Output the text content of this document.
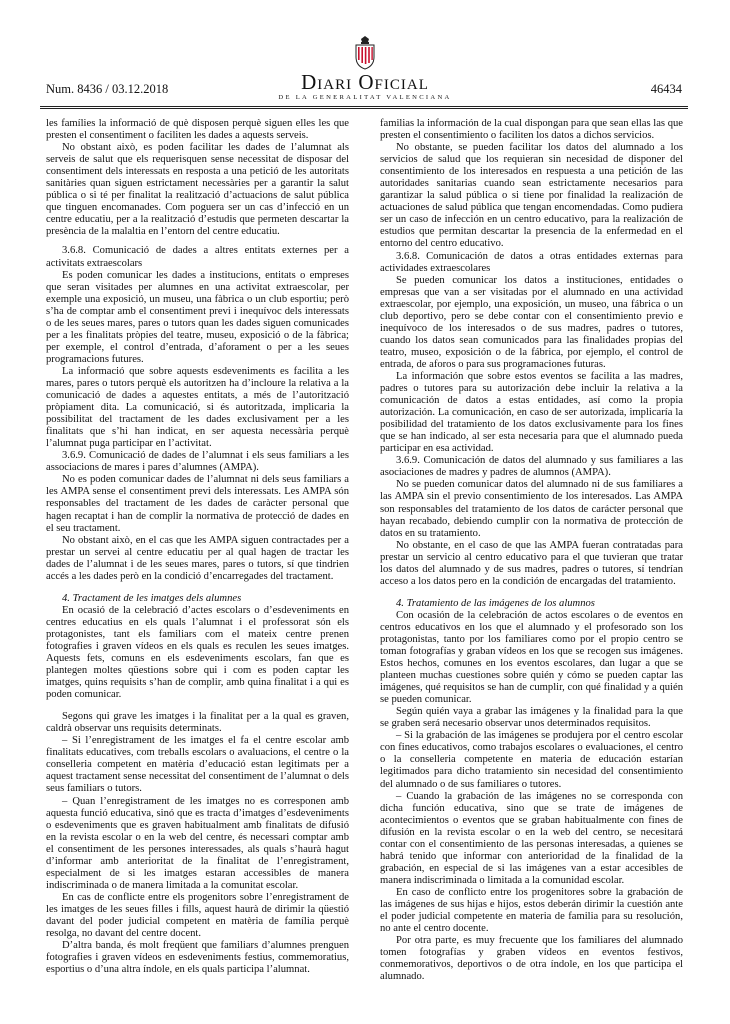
Num. 8436 / 03.12.2018	Diari Oficial
DE LA GENERALITAT VALENCIANA
46434

les famílies la informació de què disposen perquè siguen elles les que presten el consentiment o faciliten les dades a aquests serveis.

No obstant això, es poden facilitar les dades de l’alumnat als serveis de salut que els requerisquen sense necessitat de disposar del consentiment dels interessats en resposta a una petició de les autoritats sanitàries quan siguen estrictament necessàries per a garantir la salut pública o si té per finalitat la realització d’actuacions de salut pública que tinguen encomanades. Com poguera ser un cas d’infecció en un centre educatiu, per a la realització d’estudis que permeten descartar la presència de la malaltia en l’entorn del centre educatiu.

3.6.8. Comunicació de dades a altres entitats externes per a activitats extraescolars

Es poden comunicar les dades a institucions, entitats o empreses que seran visitades per alumnes en una activitat extraescolar, per exemple una exposició, un museu, una fàbrica o un club esportiu; però s’ha de comptar amb el consentiment previ i inequívoc dels interessats o de les seues mares, pares o tutors quan les dades siguen comunicades per a les finalitats pròpies del teatre, museu, exposició o de la fàbrica; per exemple, el control d’entrada, d’aforament o per a les seues programacions futures.

La informació que sobre aquests esdeveniments es facilita a les mares, pares o tutors perquè els autoritzen ha d’incloure la relativa a la comunicació de dades a aquestes entitats, a més de l’autorització pròpiament dita. La comunicació, si és autoritzada, implicaria la possibilitat del tractament de les dades exclusivament per a les finalitats que s’hi han indicat, en ser aquesta necessària perquè l’alumnat puga participar en l’activitat.

3.6.9. Comunicació de dades de l’alumnat i els seus familiars a les associacions de mares i pares d’alumnes (AMPA).

No es poden comunicar dades de l’alumnat ni dels seus familiars a les AMPA sense el consentiment previ dels interessats. Les AMPA són responsables del tractament de les dades de caràcter personal que hagen recaptat i han de complir la normativa de protecció de dades en el seu tractament.

No obstant això, en el cas que les AMPA siguen contractades per a prestar un servei al centre educatiu per al qual hagen de tractar les dades de l’alumnat i de les seues mares, pares o tutors, sí que tindrien accés a les dades però en la condició d’encarregades del tractament.

4. Tractament de les imatges dels alumnes

En ocasió de la celebració d’actes escolars o d’esdeveniments en centres educatius en els quals l’alumnat i el professorat són els protagonistes, tant els familiars com el mateix centre prenen fotografies i graven vídeos en els quals es reculen les seues imatges. Aquests fets, comuns en els esdeveniments escolars, fan que es plantegen moltes qüestions sobre qui i com es poden captar les imatges, quins requisits s’han de complir, amb quina finalitat i a qui es poden comunicar.

Segons qui grave les imatges i la finalitat per a la qual es graven, caldrà observar uns requisits determinats.

– Si l’enregistrament de les imatges el fa el centre escolar amb finalitats educatives, com treballs escolars o avaluacions, el centre o la conselleria competent en matèria d’educació estan legitimats per a aquest tractament sense necessitat del consentiment de l’alumnat o dels seus familiars o tutors.

– Quan l’enregistrament de les imatges no es corresponen amb aquesta funció educativa, sinó que es tracta d’imatges d’esdeveniments o esdeveniments que es graven habitualment amb finalitats de difusió en la revista escolar o en la web del centre, és necessari comptar amb el consentiment de les persones interessades, als quals s’haurà hagut d’informar amb anterioritat de la finalitat de l’enregistrament, especialment de si les imatges estaran accessibles de manera indiscriminada o de manera limitada a la comunitat escolar.

En cas de conflicte entre els progenitors sobre l’enregistrament de les imatges de les seues filles i fills, aquest haurà de dirimir la qüestió davant del poder judicial competent en matèria de família perquè resolga, no davant del centre docent.

D’altra banda, és molt freqüent que familiars d’alumnes prenguen fotografies i graven vídeos en esdeveniments festius, commemoratius, esportius o d’una altra índole, en els quals participa l’alumnat.

familias la información de la cual dispongan para que sean ellas las que presten el consentimiento o faciliten los datos a dichos servicios.

No obstante, se pueden facilitar los datos del alumnado a los servicios de salud que los requieran sin necesidad de disponer del consentimiento de los interesados en respuesta a una petición de las autoridades sanitarias cuando sean estrictamente necesarios para garantizar la salud pública o si tiene por finalidad la realización de actuaciones de salud pública que tengan encomendadas. Como pudiera ser un caso de infección en un centro educativo, para la realización de estudios que permitan descartar la presencia de la enfermedad en el entorno del centro educativo.

3.6.8. Comunicación de datos a otras entidades externas para actividades extraescolares

Se pueden comunicar los datos a instituciones, entidades o empresas que van a ser visitadas por el alumnado en una actividad extraescolar, por ejemplo, una exposición, un museo, una fábrica o un club deportivo, pero se debe contar con el consentimiento previo e inequívoco de los interesados o de sus madres, padres o tutores, cuando los datos sean comunicados para las finalidades propias del teatro, museo, exposición o de la fábrica, por ejemplo, el control de entrada, de aforos o para sus programaciones futuras.

La información que sobre estos eventos se facilita a las madres, padres o tutores para su autorización debe incluir la relativa a la comunicación de datos a estas entidades, así como la propia autorización. La comunicación, en caso de ser autorizada, implicaría la posibilidad del tratamiento de los datos exclusivamente para los fines que se han indicado, al ser esta necesaria para que el alumnado pueda participar en esa actividad.

3.6.9. Comunicación de datos del alumnado y sus familiares a las asociaciones de madres y padres de alumnos (AMPA).

No se pueden comunicar datos del alumnado ni de sus familiares a las AMPA sin el previo consentimiento de los interesados. Las AMPA son responsables del tratamiento de los datos de carácter personal que hayan recabado, debiendo cumplir con la normativa de protección de datos en su tratamiento.

No obstante, en el caso de que las AMPA fueran contratadas para prestar un servicio al centro educativo para el que tuvieran que tratar los datos del alumnado y de sus madres, padres o tutores, sí tendrían acceso a los datos pero en la condición de encargadas del tratamiento.

4. Tratamiento de las imágenes de los alumnos

Con ocasión de la celebración de actos escolares o de eventos en centros educativos en los que el alumnado y el profesorado son los protagonistas, tanto por los familiares como por el propio centro se toman fotografías y graban vídeos en los que se recogen sus imágenes. Estos hechos, comunes en los eventos escolares, dan lugar a que se planteen muchas cuestiones sobre quién y cómo se pueden captar las imágenes, qué requisitos se han de cumplir, con qué finalidad y a quién se pueden comunicar.

Según quién vaya a grabar las imágenes y la finalidad para la que se graben será necesario observar unos determinados requisitos.

– Si la grabación de las imágenes se produjera por el centro escolar con fines educativos, como trabajos escolares o evaluaciones, el centro o la conselleria competente en materia de educación estarían legitimados para dicho tratamiento sin necesidad del consentimiento del alumnado o de sus familiares o tutores.

– Cuando la grabación de las imágenes no se corresponda con dicha función educativa, sino que se trate de imágenes de acontecimientos o eventos que se graban habitualmente con fines de difusión en la revista escolar o en la web del centro, se necesitará contar con el consentimiento de las personas interesadas, a quienes se habrá tenido que informar con anterioridad de la finalidad de la grabación, en especial de si las imágenes van a estar accesibles de manera indiscriminada o limitada a la comunidad escolar.

En caso de conflicto entre los progenitores sobre la grabación de las imágenes de sus hijas e hijos, estos deberán dirimir la cuestión ante el poder judicial competente en materia de familia para su resolución, no ante el centro docente.

Por otra parte, es muy frecuente que los familiares del alumnado tomen fotografías y graben vídeos en eventos festivos, conmemorativos, deportivos o de otra índole, en los que participa el alumnado.
